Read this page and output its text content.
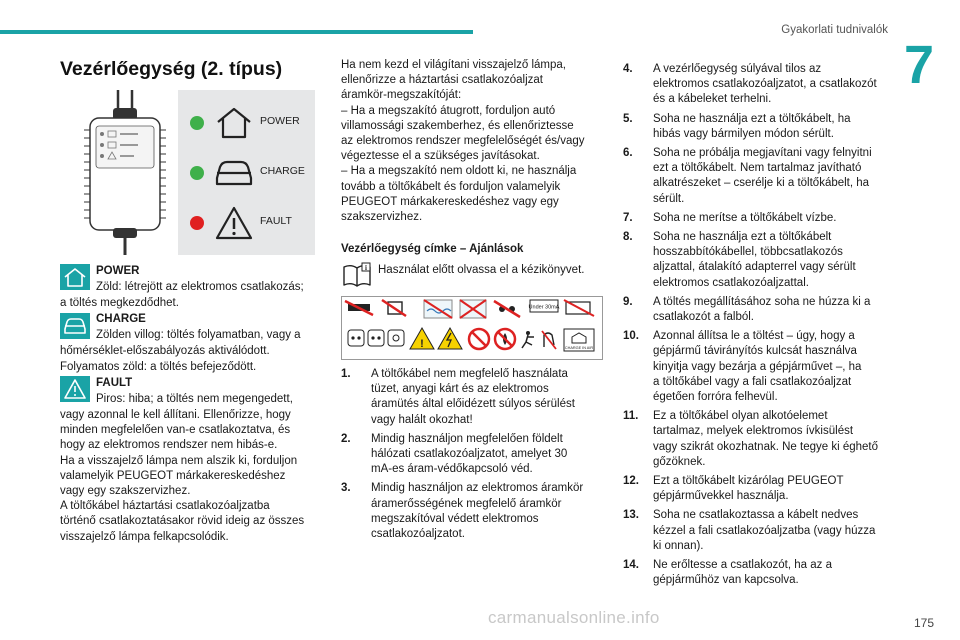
Gyakorlati tudnivalók
7
175
carmanualsonline.info
Vezérlőegység (2. típus)
POWER
CHARGE
FAULT
POWER
Zöld: létrejött az elektromos csatlakozás;
a töltés megkezdődhet.
CHARGE
Zölden villog: töltés folyamatban, vagy a
hőmérséklet-előszabályozás aktiválódott.
Folyamatos zöld: a töltés befejeződött.
FAULT
Piros: hiba; a töltés nem megengedett,
vagy azonnal le kell állítani. Ellenőrizze, hogy
minden megfelelően van-e csatlakoztatva, és
hogy az elektromos rendszer nem hibás-e.
Ha a visszajelző lámpa nem alszik ki, forduljon
valamelyik PEUGEOT márkakereskedéshez
vagy egy szakszervizhez.
A töltőkábel háztartási csatlakozóaljzatba
történő csatlakoztatásakor rövid ideig az összes
visszajelző lámpa felkapcsolódik.

Ha nem kezd el világítani visszajelző lámpa,

ellenőrizze a háztartási csatlakozóaljzat

áramkör-megszakítóját:

– Ha a megszakító átugrott, forduljon autó

villamossági szakemberhez, és ellenőriztesse

az elektromos rendszer megfelelőségét és/vagy

végeztesse el a szükséges javításokat.

– Ha a megszakító nem oldott ki, ne használja

tovább a töltőkábelt és forduljon valamelyik

PEUGEOT márkakereskedéshez vagy egy

szakszervizhez.

Vezérlőegység címke – Ajánlások
i Használat előtt olvassa el a kézikönyvet.
Under 30mA
!	CHARGE IN AIR
1. A töltőkábel nem megfelelő használata
tüzet, anyagi kárt és az elektromos
áramütés által előidézett súlyos sérülést
vagy halált okozhat!
2. Mindig használjon megfelelően földelt
hálózati csatlakozóaljzatot, amelyet 30
mA-es áram-védőkapcsoló véd.
3. Mindig használjon az elektromos áramkör
áramerősségének megfelelő áramkör
megszakítóval védett elektromos
csatlakozóaljzatot.
4. A vezérlőegység súlyával tilos az
elektromos csatlakozóaljzatot, a csatlakozót
és a kábeleket terhelni.
5. Soha ne használja ezt a töltőkábelt, ha
hibás vagy bármilyen módon sérült.
6. Soha ne próbálja megjavítani vagy felnyitni
ezt a töltőkábelt. Nem tartalmaz javítható
alkatrészeket – cserélje ki a töltőkábelt, ha
sérült.
7. Soha ne merítse a töltőkábelt vízbe.
8. Soha ne használja ezt a töltőkábelt
hosszabbítókábellel, többcsatlakozós
aljzattal, átalakító adapterrel vagy sérült
elektromos csatlakozóaljzattal.
9. A töltés megállításához soha ne húzza ki a
csatlakozót a falból.
10. Azonnal állítsa le a töltést – úgy, hogy a
gépjármű távirányítós kulcsát használva
kinyitja vagy bezárja a gépjárművet –, ha
a töltőkábel vagy a fali csatlakozóaljzat
égetően forróra felhevül.
11. Ez a töltőkábel olyan alkotóelemet
tartalmaz, melyek elektromos ívkisülést
vagy szikrát okozhatnak. Ne tegye ki éghető
gőzöknek.
12. Ezt a töltőkábelt kizárólag PEUGEOT
gépjárművekkel használja.
13. Soha ne csatlakoztassa a kábelt nedves
kézzel a fali csatlakozóaljzatba (vagy húzza
ki onnan).
14. Ne erőltesse a csatlakozót, ha az a
gépjárműhöz van kapcsolva.
